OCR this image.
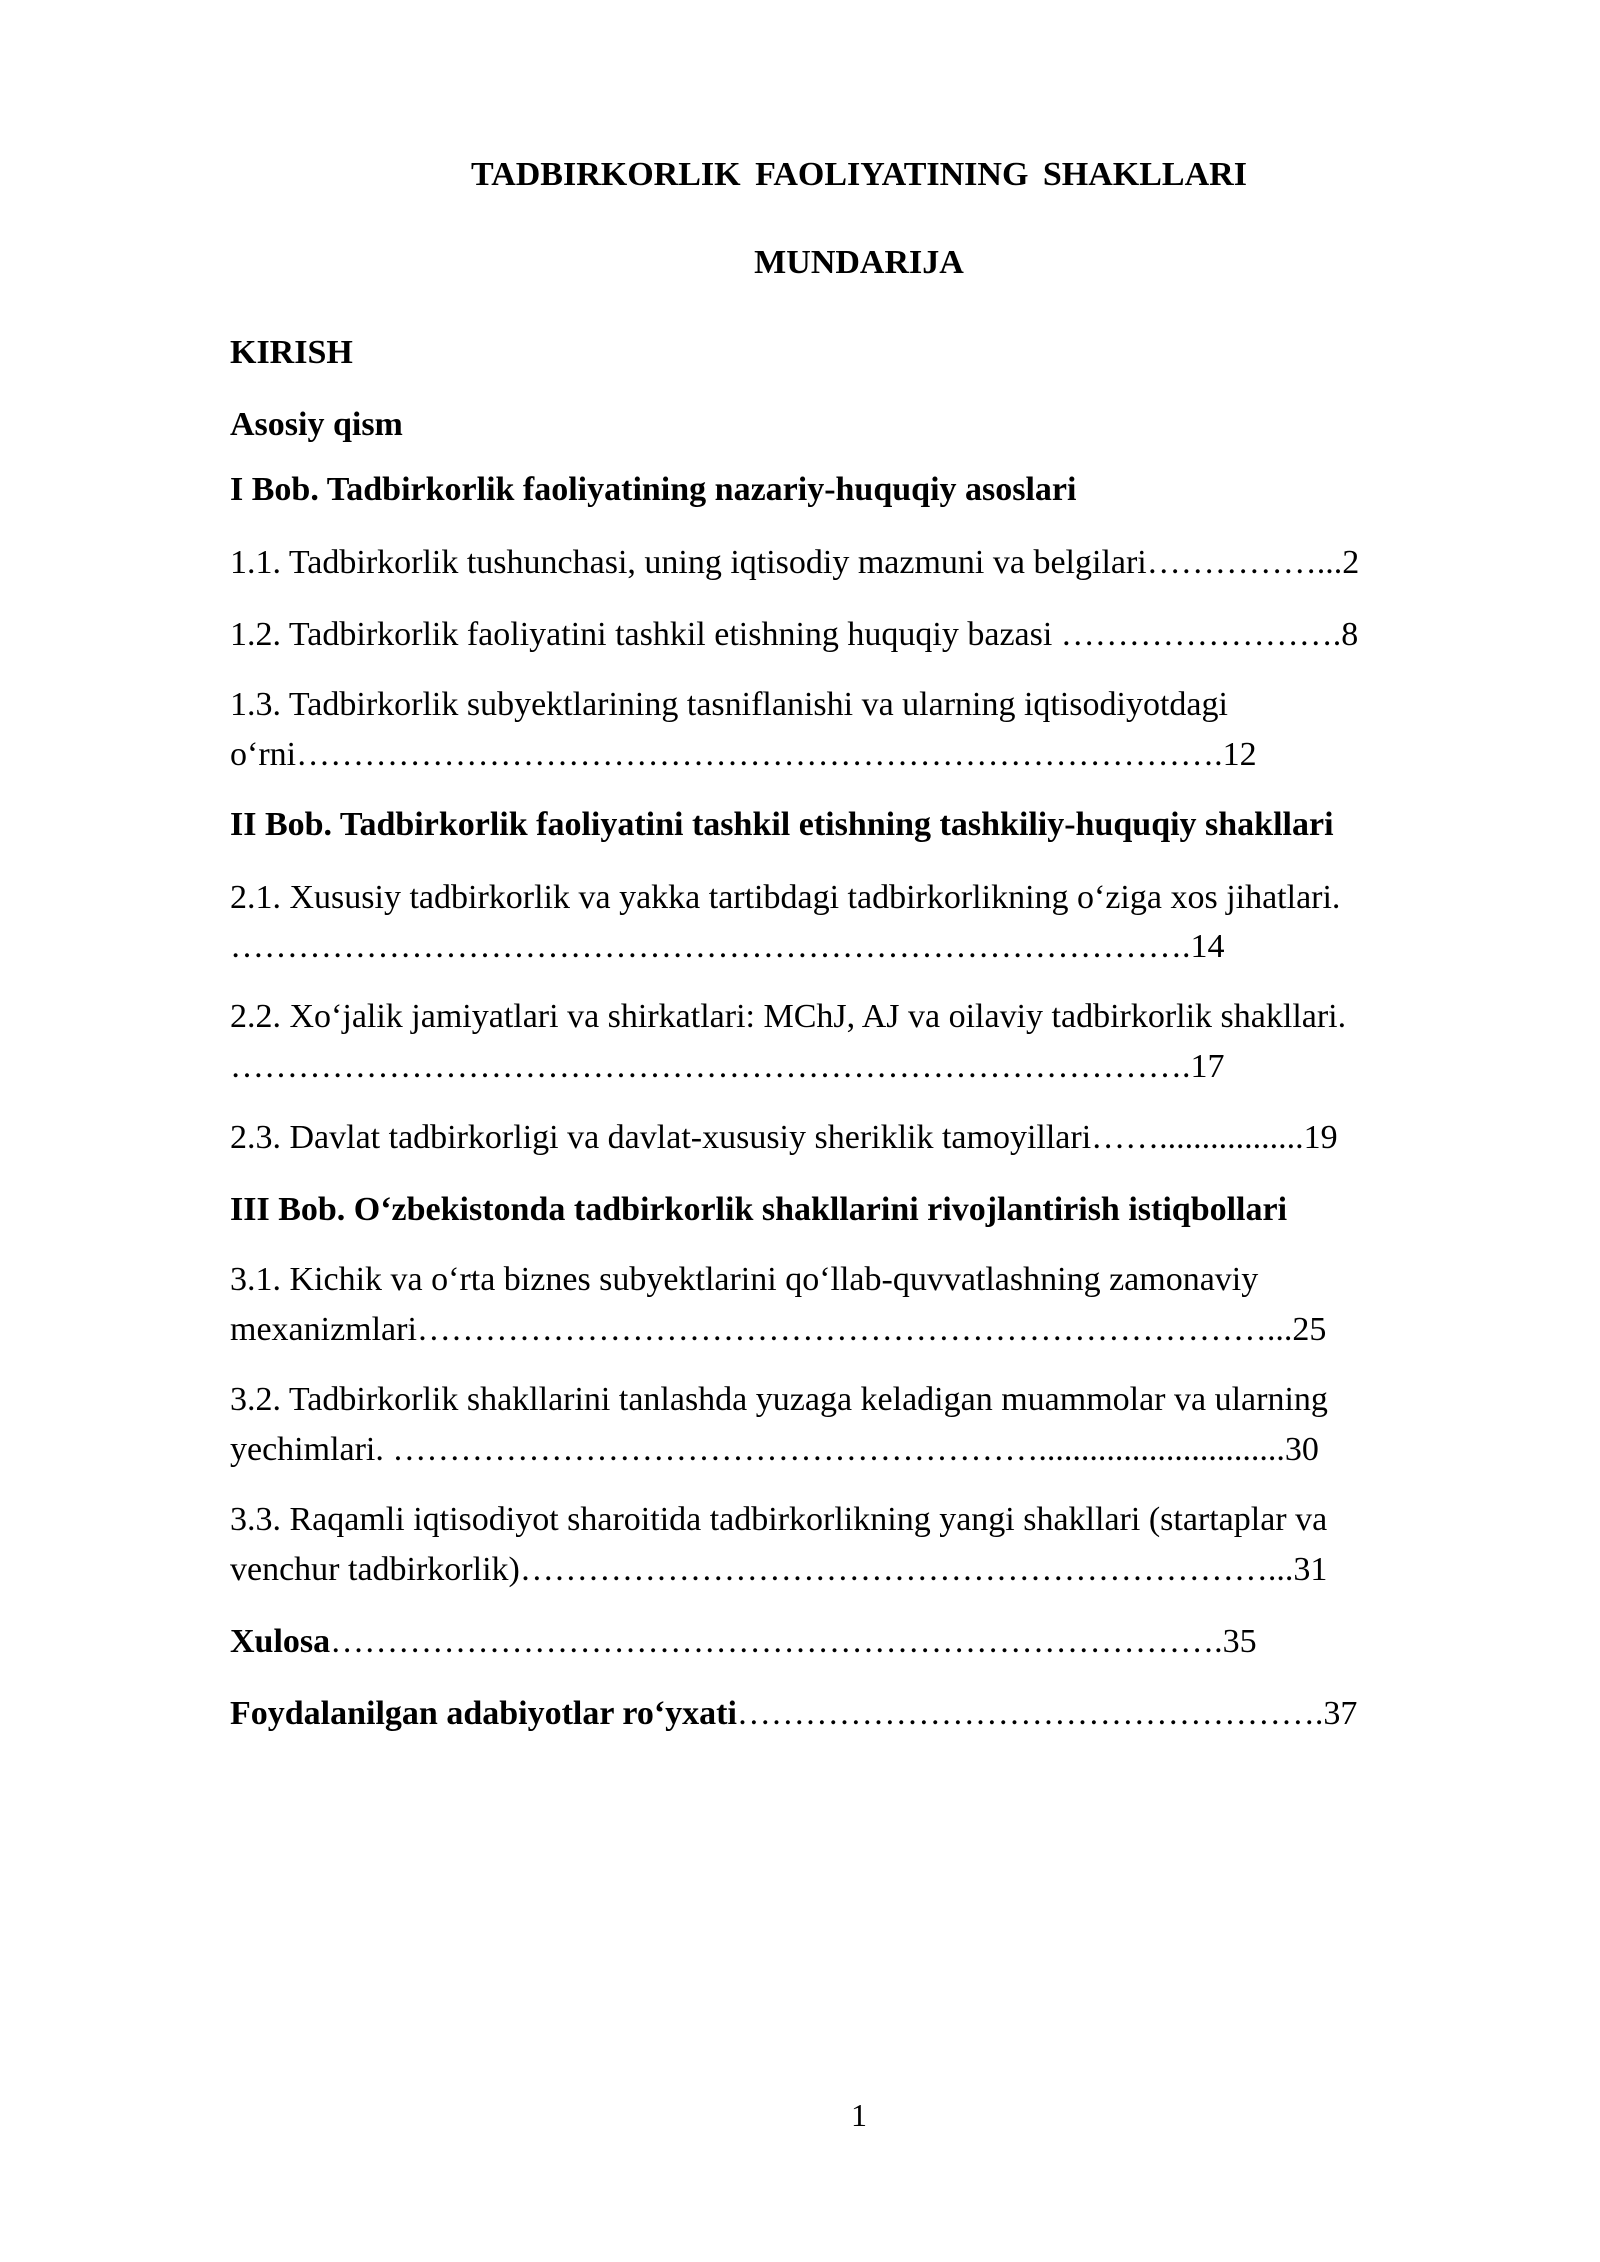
TADBIRKORLIK FAOLIYATINING SHAKLLARI
MUNDARIJA
KIRISH
Asosiy qism
I Bob. Tadbirkorlik faoliyatining nazariy-huquqiy asoslari
1.1. Tadbirkorlik tushunchasi, uning iqtisodiy mazmuni va belgilari……………...2
1.2. Tadbirkorlik faoliyatini tashkil etishning huquqiy bazasi …………………….8
1.3. Tadbirkorlik subyektlarining tasniflanishi va ularning iqtisodiyotdagi
o‘rni……………………………………………………………………….12
II Bob. Tadbirkorlik faoliyatini tashkil etishning tashkiliy-huquqiy shakllari
2.1. Xususiy tadbirkorlik va yakka tartibdagi tadbirkorlikning o‘ziga xos jihatlari.
………………………………………………………………………….14
2.2. Xo‘jalik jamiyatlari va shirkatlari: MChJ, AJ va oilaviy tadbirkorlik shakllari.
………………………………………………………………………….17
2.3. Davlat tadbirkorligi va davlat-xususiy sheriklik tamoyillari…….................19
III Bob. O‘zbekistonda tadbirkorlik shakllarini rivojlantirish istiqbollari
3.1. Kichik va o‘rta biznes subyektlarini qo‘llab-quvvatlashning zamonaviy
mexanizmlari…………………………………………………………………...25
3.2. Tadbirkorlik shakllarini tanlashda yuzaga keladigan muammolar va ularning
yechimlari. ………………………………………………….............................30
3.3. Raqamli iqtisodiyot sharoitida tadbirkorlikning yangi shakllari (startaplar va
venchur tadbirkorlik)…………………………………………………………...31
Xulosa…………………………………………………………………….35
Foydalanilgan adabiyotlar ro‘yxati…………………………………………….37
1
